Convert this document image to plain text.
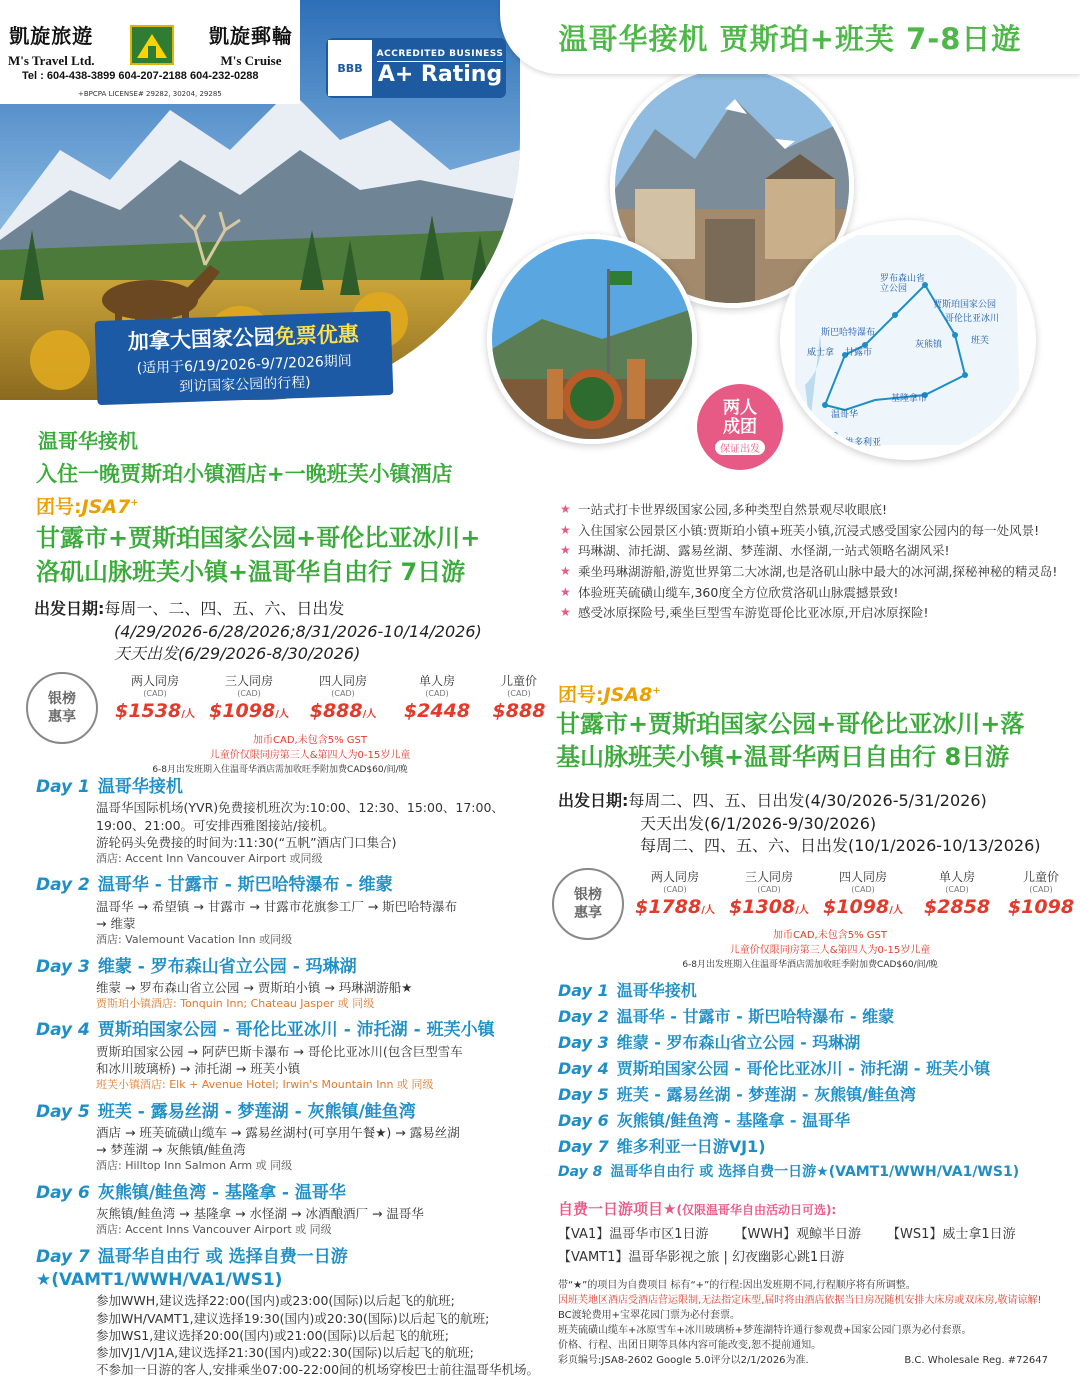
凱旋旅遊
M's Travel Ltd.
凱旋郵輪
M's Cruise
Tel : 604-438-3899 604-207-2188 604-232-0288
+BPCPA LICENSE# 29282, 30204, 29285
BBB
ACCREDITED BUSINESS
A+ Rating
温哥华接机 贾斯珀+班芙 7-8日遊
加拿大国家公园免票优惠
(适用于6/19/2026-9/7/2026期间
到访国家公园的行程)
罗布森山省立公园
贾斯珀国家公园
哥伦比亚冰川
斯巴哈特瀑布
威士拿 甘露市
灰熊镇	班芙
基隆拿市
温哥华
维多利亚
两人
成团
保证出发
温哥华接机
入住一晚贾斯珀小镇酒店+一晚班芙小镇酒店
团号:JSA7+
甘露市+贾斯珀国家公园+哥伦比亚冰川+
洛矶山脉班芙小镇+温哥华自由行 7日游
出发日期:每周一、二、四、五、六、日出发
(4/29/2026-6/28/2026;8/31/2026-10/14/2026)
天天出发(6/29/2026-8/30/2026)
银榜
惠享
两人同房
(CAD)
$1538/人
三人同房
(CAD)
$1098/人
四人同房
(CAD)
$888/人
单人房
(CAD)
$2448
儿童价
(CAD)
$888
加币CAD,未包含5% GST
儿童价仅限同房第三人&第四人为0-15岁儿童
6-8月出发班期入住温哥华酒店需加收旺季附加费CAD$60/间/晚
Day 1 温哥华接机
温哥华国际机场(YVR)免费接机班次为:10:00、12:30、15:00、17:00、
19:00、21:00。可安排西雅图接站/接机。
游轮码头免费接的时间为:11:30(“五帆”酒店门口集合)
酒店: Accent Inn Vancouver Airport 或同级
Day 2 温哥华 - 甘露市 - 斯巴哈特瀑布 - 维蒙
温哥华 → 希望镇 → 甘露市 → 甘露市花旗参工厂 → 斯巴哈特瀑布
→ 维蒙
酒店: Valemount Vacation Inn 或同级
Day 3 维蒙 - 罗布森山省立公园 - 玛琳湖
维蒙 → 罗布森山省立公园 → 贾斯珀小镇 → 玛琳湖游船★
贾斯珀小镇酒店: Tonquin Inn; Chateau Jasper 或 同级
Day 4 贾斯珀国家公园 - 哥伦比亚冰川 - 沛托湖 - 班芙小镇
贾斯珀国家公园 → 阿萨巴斯卡瀑布 → 哥伦比亚冰川(包含巨型雪车
和冰川玻璃桥) → 沛托湖 → 班芙小镇
班芙小镇酒店: Elk + Avenue Hotel; Irwin's Mountain Inn 或 同级
Day 5 班芙 - 露易丝湖 - 梦莲湖 - 灰熊镇/鲑鱼湾
酒店 → 班芙硫磺山缆车 → 露易丝湖村(可享用午餐★) → 露易丝湖
→ 梦莲湖 → 灰熊镇/鲑鱼湾
酒店: Hilltop Inn Salmon Arm 或 同级
Day 6 灰熊镇/鲑鱼湾 - 基隆拿 - 温哥华
灰熊镇/鲑鱼湾 → 基隆拿 → 水怪湖 → 冰酒酿酒厂 → 温哥华
酒店: Accent Inns Vancouver Airport 或 同级
Day 7 温哥华自由行 或 选择自费一日游★(VAMT1/WWH/VA1/WS1)
参加WWH,建议选择22:00(国内)或23:00(国际)以后起飞的航班;
参加WH/VAMT1,建议选择19:30(国内)或20:30(国际)以后起飞的航班;
参加WS1,建议选择20:00(国内)或21:00(国际)以后起飞的航班;
参加VJ1/VJ1A,建议选择21:30(国内)或22:30(国际)以后起飞的航班;
不参加一日游的客人,安排乘坐07:00-22:00间的机场穿梭巴士前往温哥华机场。
★ 一站式打卡世界级国家公园,多种类型自然景观尽收眼底!
★ 入住国家公园景区小镇:贾斯珀小镇+班芙小镇,沉浸式感受国家公园内的每一处风景!
★ 玛琳湖、沛托湖、露易丝湖、梦莲湖、水怪湖,一站式领略名湖风采!
★ 乘坐玛琳湖游船,游览世界第二大冰湖,也是洛矶山脉中最大的冰河湖,探秘神秘的精灵岛!
★ 体验班芙硫磺山缆车,360度全方位欣赏洛矶山脉震撼景致!
★ 感受冰原探险号,乘坐巨型雪车游览哥伦比亚冰原,开启冰原探险!
团号:JSA8+
甘露市+贾斯珀国家公园+哥伦比亚冰川+落
基山脉班芙小镇+温哥华两日自由行 8日游
出发日期:每周二、四、五、日出发(4/30/2026-5/31/2026)
天天出发(6/1/2026-9/30/2026)
每周二、四、五、六、日出发(10/1/2026-10/13/2026)
银榜
惠享
两人同房
(CAD)
$1788/人
三人同房
(CAD)
$1308/人
四人同房
(CAD)
$1098/人
单人房
(CAD)
$2858
儿童价
(CAD)
$1098
加币CAD,未包含5% GST
儿童价仅限同房第三人&第四人为0-15岁儿童
6-8月出发班期入住温哥华酒店需加收旺季附加费CAD$60/间/晚
Day 1 温哥华接机
Day 2 温哥华 - 甘露市 - 斯巴哈特瀑布 - 维蒙
Day 3 维蒙 - 罗布森山省立公园 - 玛琳湖
Day 4 贾斯珀国家公园 - 哥伦比亚冰川 - 沛托湖 - 班芙小镇
Day 5 班芙 - 露易丝湖 - 梦莲湖 - 灰熊镇/鲑鱼湾
Day 6 灰熊镇/鲑鱼湾 - 基隆拿 - 温哥华
Day 7 维多利亚一日游VJ1)
Day 8 温哥华自由行 或 选择自费一日游★(VAMT1/WWH/VA1/WS1)
自费一日游项目★(仅限温哥华自由活动日可选):
【VA1】温哥华市区1日游 【WWH】观鲸半日游 【WS1】威士拿1日游
【VAMT1】温哥华影视之旅 | 幻夜幽影心跳1日游
带“★”的项目为自费项目 标有“+”的行程:因出发班期不同,行程顺序将有所调整。
因班芙地区酒店受酒店营运限制,无法指定床型,届时将由酒店依据当日房况随机安排大床房或双床房,敬请谅解!
BC渡轮费用+宝翠花园门票为必付套票。
班芙硫磺山缆车+冰原雪车+冰川玻璃桥+梦莲湖特许通行参观费+国家公园门票为必付套票。
价格、行程、出团日期等具体内容可能改变,恕不提前通知。
彩页编号:JSA8-2602 Google 5.0评分以2/1/2026为准.	B.C. Wholesale Reg. #72647
